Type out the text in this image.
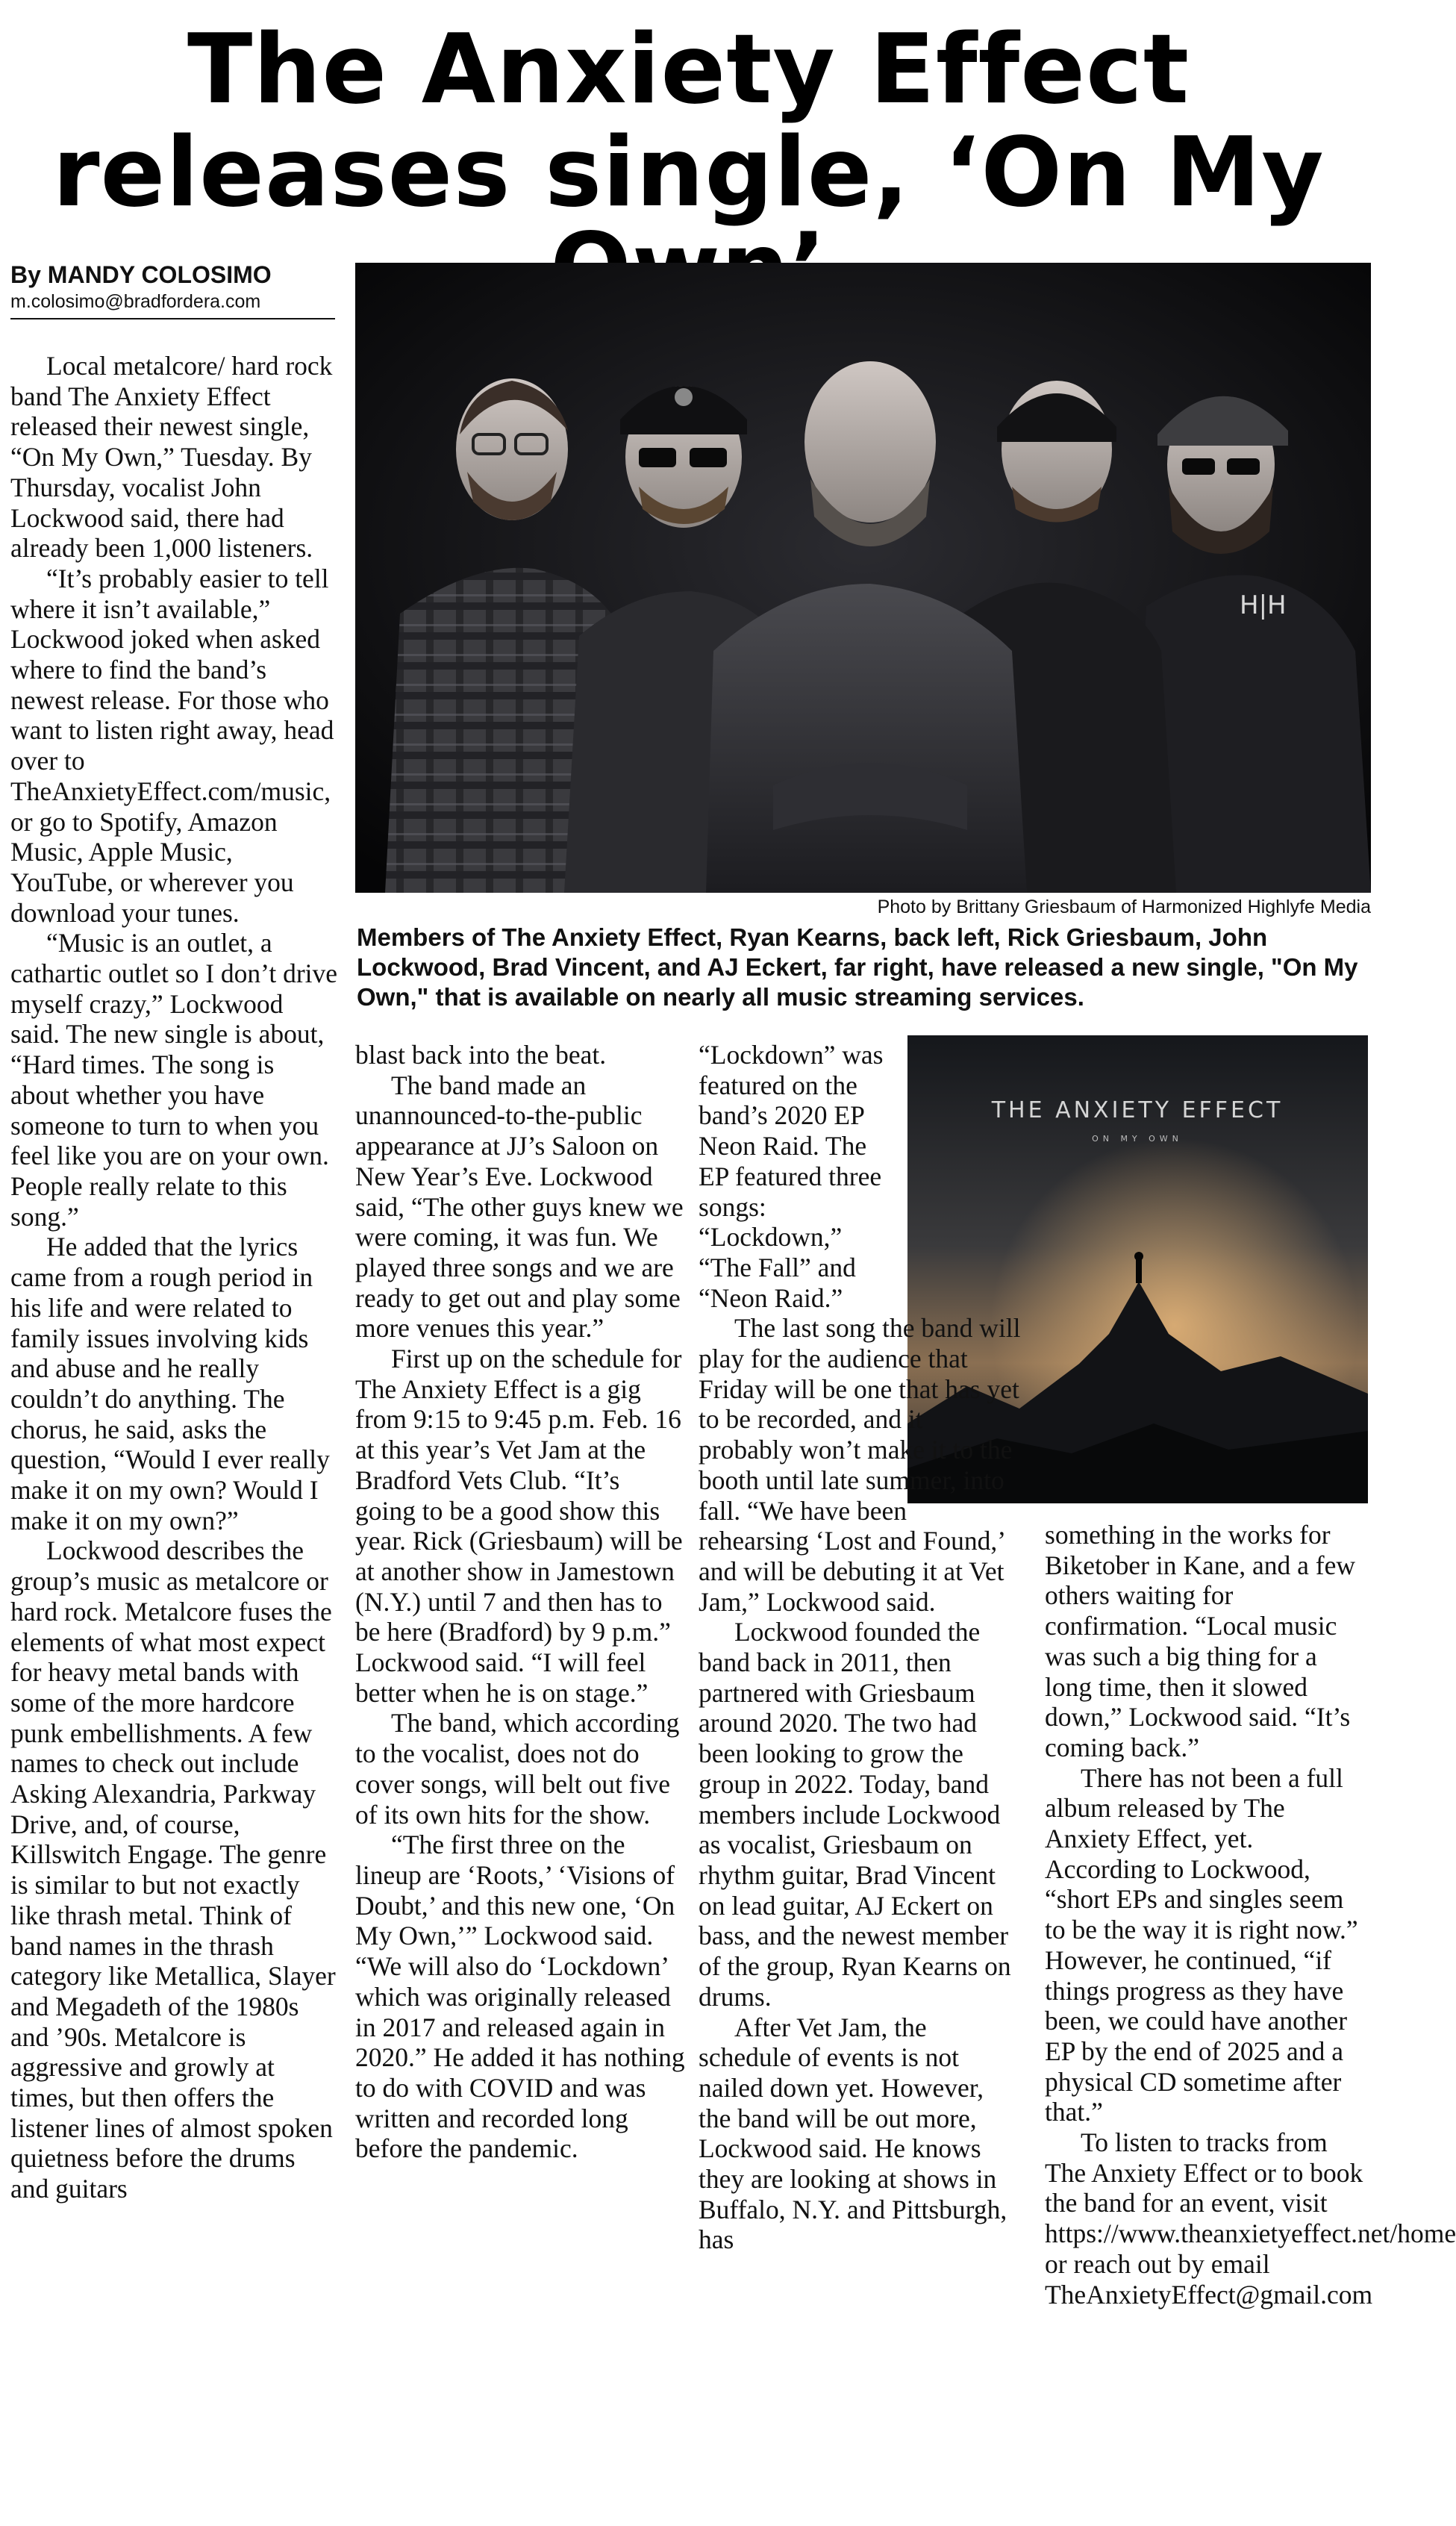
The Anxiety Effect
releases single, ‘On My
By MANDY COLOSIMO
m.colosimo@bradfordera.com
H|H
Photo by Brittany Griesbaum of Harmonized Highlyfe Media
Members of The Anxiety Effect, Ryan Kearns, back left, Rick Griesbaum, John Lockwood, Brad Vincent, and AJ Eckert, far right, have released a new single, "On My Own," that is available on nearly all music streaming services.
THE ANXIETY EFFECT
ON MY OWN

Local metalcore/ hard rock band The Anxiety Effect released their newest single, “On My Own,” Tuesday. By Thursday, vocalist John Lockwood said, there had already been 1,000 listeners.

“It’s probably easier to tell where it isn’t available,” Lockwood joked when asked where to find the band’s newest release. For those who want to listen right away, head over to TheAnxietyEffect.com/music, or go to Spotify, Amazon Music, Apple Music, YouTube, or wherever you download your tunes.

“Music is an outlet, a cathartic outlet so I don’t drive myself crazy,” Lockwood said. The new single is about, “Hard times. The song is about whether you have someone to turn to when you feel like you are on your own. People really relate to this song.”

He added that the lyrics came from a rough period in his life and were related to family issues involving kids and abuse and he really couldn’t do anything. The chorus, he said, asks the question, “Would I ever really make it on my own? Would I make it on my own?”

Lockwood describes the group’s music as metalcore or hard rock. Metalcore fuses the elements of what most expect for heavy metal bands with some of the more hardcore punk embellishments. A few names to check out include Asking Alexandria, Parkway Drive, and, of course, Killswitch Engage. The genre is similar to but not exactly like thrash metal. Think of band names in the thrash category like Metallica, Slayer and Megadeth of the 1980s and ’90s. Metalcore is aggressive and growly at times, but then offers the listener lines of almost spoken quietness before the drums and guitars

blast back into the beat.

The band made an unannounced-to-the-public appearance at JJ’s Saloon on New Year’s Eve. Lockwood said, “The other guys knew we were coming, it was fun. We played three songs and we are ready to get out and play some more venues this year.”

First up on the schedule for The Anxiety Effect is a gig from 9:15 to 9:45 p.m. Feb. 16 at this year’s Vet Jam at the Bradford Vets Club. “It’s going to be a good show this year. Rick (Griesbaum) will be at another show in Jamestown (N.Y.) until 7 and then has to be here (Bradford) by 9 p.m.” Lockwood said. “I will feel better when he is on stage.”

The band, which according to the vocalist, does not do cover songs, will belt out five of its own hits for the show.

“The first three on the lineup are ‘Roots,’ ‘Visions of Doubt,’ and this new one, ‘On My Own,’” Lockwood said. “We will also do ‘Lockdown’ which was originally released in 2017 and released again in 2020.” He added it has nothing to do with COVID and was written and recorded long before the pandemic.

“Lockdown” was featured on the band’s 2020 EP Neon Raid. The EP featured three songs: “Lockdown,” “The Fall” and “Neon Raid.”

The last song the band will play for the audience that Friday will be one that has yet to be recorded, and it probably won’t make it to the booth until late summer, into fall. “We have been rehearsing ‘Lost and Found,’ and will be debuting it at Vet Jam,” Lockwood said.

Lockwood founded the band back in 2011, then partnered with Griesbaum around 2020. The two had been looking to grow the group in 2022. Today, band members include Lockwood as vocalist, Griesbaum on rhythm guitar, Brad Vincent on lead guitar, AJ Eckert on bass, and the newest member of the group, Ryan Kearns on drums.

After Vet Jam, the schedule of events is not nailed down yet. However, the band will be out more, Lockwood said. He knows they are looking at shows in Buffalo, N.Y. and Pittsburgh, has

something in the works for Biketober in Kane, and a few others waiting for confirmation. “Local music was such a big thing for a long time, then it slowed down,” Lockwood said. “It’s coming back.”

There has not been a full album released by The Anxiety Effect, yet. According to Lockwood, “short EPs and singles seem to be the way it is right now.” However, he continued, “if things progress as they have been, we could have another EP by the end of 2025 and a physical CD sometime after that.”

To listen to tracks from The Anxiety Effect or to book the band for an event, visit https://www.theanxietyeffect.net/home or reach out by email TheAnxietyEffect@gmail.com
